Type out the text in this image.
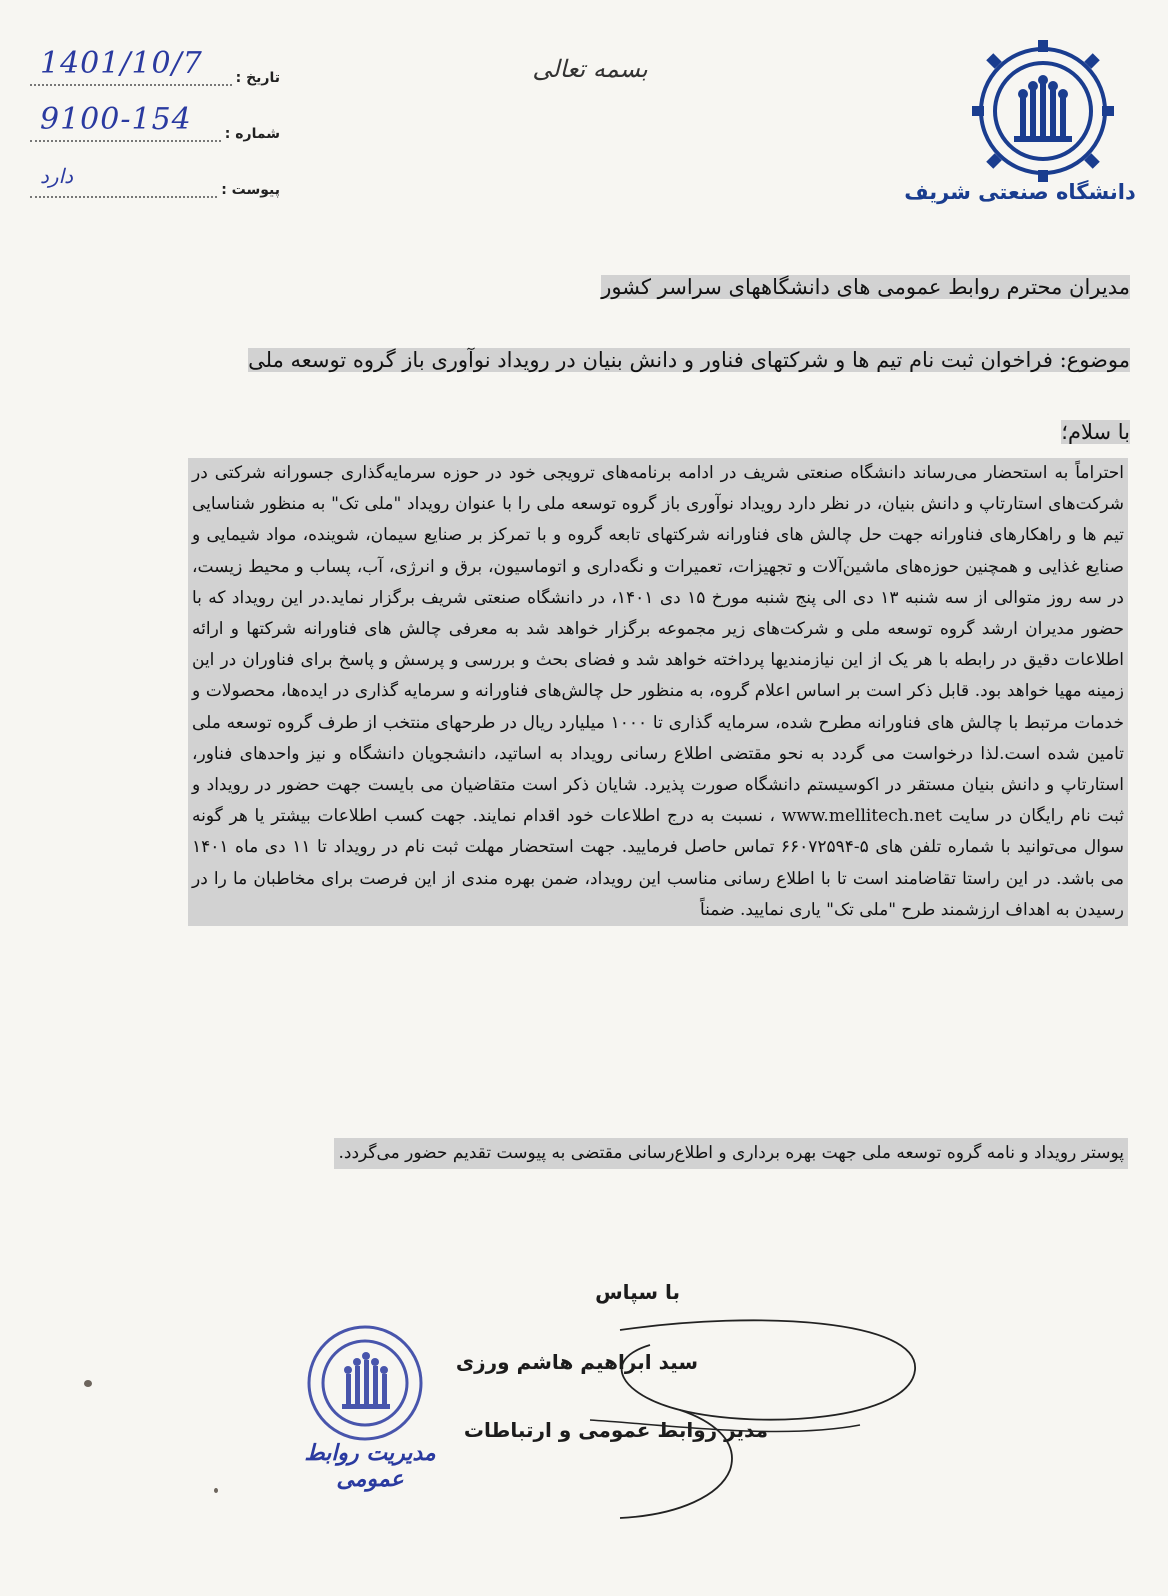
تاریخ :
1401/10/7
شماره :
9100-154
پیوست :
دارد
بسمه تعالی
دانشگاه صنعتی شریف
مدیران محترم روابط عمومی های دانشگاههای سراسر کشور
موضوع: فراخوان ثبت نام تیم ها و شرکتهای فناور و دانش بنیان در رویداد نوآوری باز گروه توسعه ملی
با سلام؛
احتراماً به استحضار می‌رساند دانشگاه صنعتی شریف در ادامه برنامه‌های ترویجی خود در حوزه سرمایه‌گذاری جسورانه شرکتی در شرکت‌های استارتاپ و دانش بنیان، در نظر دارد رویداد نوآوری باز گروه توسعه ملی را با عنوان رویداد "ملی تک" به منظور شناسایی تیم ها و راهکارهای فناورانه جهت حل چالش های فناورانه شرکتهای تابعه گروه و با تمرکز بر صنایع سیمان، شوینده، مواد شیمایی و صنایع غذایی و همچنین حوزه‌های ماشین‌آلات و تجهیزات، تعمیرات و نگه‌داری و اتوماسیون، برق و انرژی، آب، پساب و محیط زیست، در سه روز متوالی از سه شنبه ۱۳ دی الی پنج شنبه مورخ ۱۵ دی ۱۴۰۱، در دانشگاه صنعتی شریف برگزار نماید.در این رویداد که با حضور مدیران ارشد گروه توسعه ملی و شرکت‌های زیر مجموعه برگزار خواهد شد به معرفی چالش های فناورانه شرکتها و ارائه اطلاعات دقیق در رابطه با هر یک از این نیازمندیها پرداخته خواهد شد و فضای بحث و بررسی و پرسش و پاسخ برای فناوران در این زمینه مهیا خواهد بود. قابل ذکر است بر اساس اعلام گروه، به منظور حل چالش‌های فناورانه و سرمایه گذاری در ایده‌ها، محصولات و خدمات مرتبط با چالش های فناورانه مطرح شده، سرمایه گذاری تا ۱۰۰۰ میلیارد ریال در طرحهای منتخب از طرف گروه توسعه ملی تامین شده است.لذا درخواست می گردد به نحو مقتضی اطلاع رسانی رویداد به اساتید، دانشجویان دانشگاه و نیز واحدهای فناور، استارتاپ و دانش بنیان مستقر در اکوسیستم دانشگاه صورت پذیرد. شایان ذکر است متقاضیان می بایست جهت حضور در رویداد و ثبت نام رایگان در سایت www.mellitech.net ، نسبت به درج اطلاعات خود اقدام نمایند. جهت کسب اطلاعات بیشتر یا هر گونه سوال می‌توانید با شماره تلفن های ۵-۶۶۰۷۲۵۹۴ تماس حاصل فرمایید. جهت استحضار مهلت ثبت نام در رویداد تا ۱۱ دی ماه ۱۴۰۱ می باشد. در این راستا تقاضامند است تا با اطلاع رسانی مناسب این رویداد، ضمن بهره مندی از این فرصت برای مخاطبان ما را در رسیدن به اهداف ارزشمند طرح "ملی تک" یاری نمایید. ضمناً
پوستر رویداد و نامه گروه توسعه ملی جهت بهره برداری و اطلاع‌رسانی مقتضی به پیوست تقدیم حضور می‌گردد.
با سپاس
سید ابراهیم هاشم ورزی
مدیر روابط عمومی و ارتباطات
مدیریت روابط عمومی
